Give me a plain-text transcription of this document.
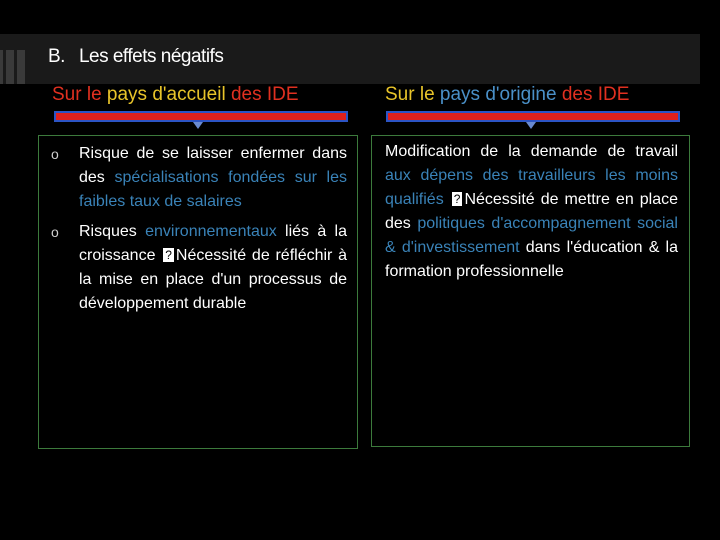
B. Les effets négatifs
Sur le pays d'accueil des IDE	Sur le pays d'origine des IDE
o Risque de se laisser enfermer dans des spécialisations fondées sur les faibles taux de salaires
o Risques environnementaux liés à la croissance ? Nécessité de réfléchir à la mise en place d'un processus de développement durable
Modification de la demande de travail aux dépens des travailleurs les moins qualifiés ? Nécessité de mettre en place des politiques d'accompagnement social & d'investissement dans l'éducation & la formation professionnelle
